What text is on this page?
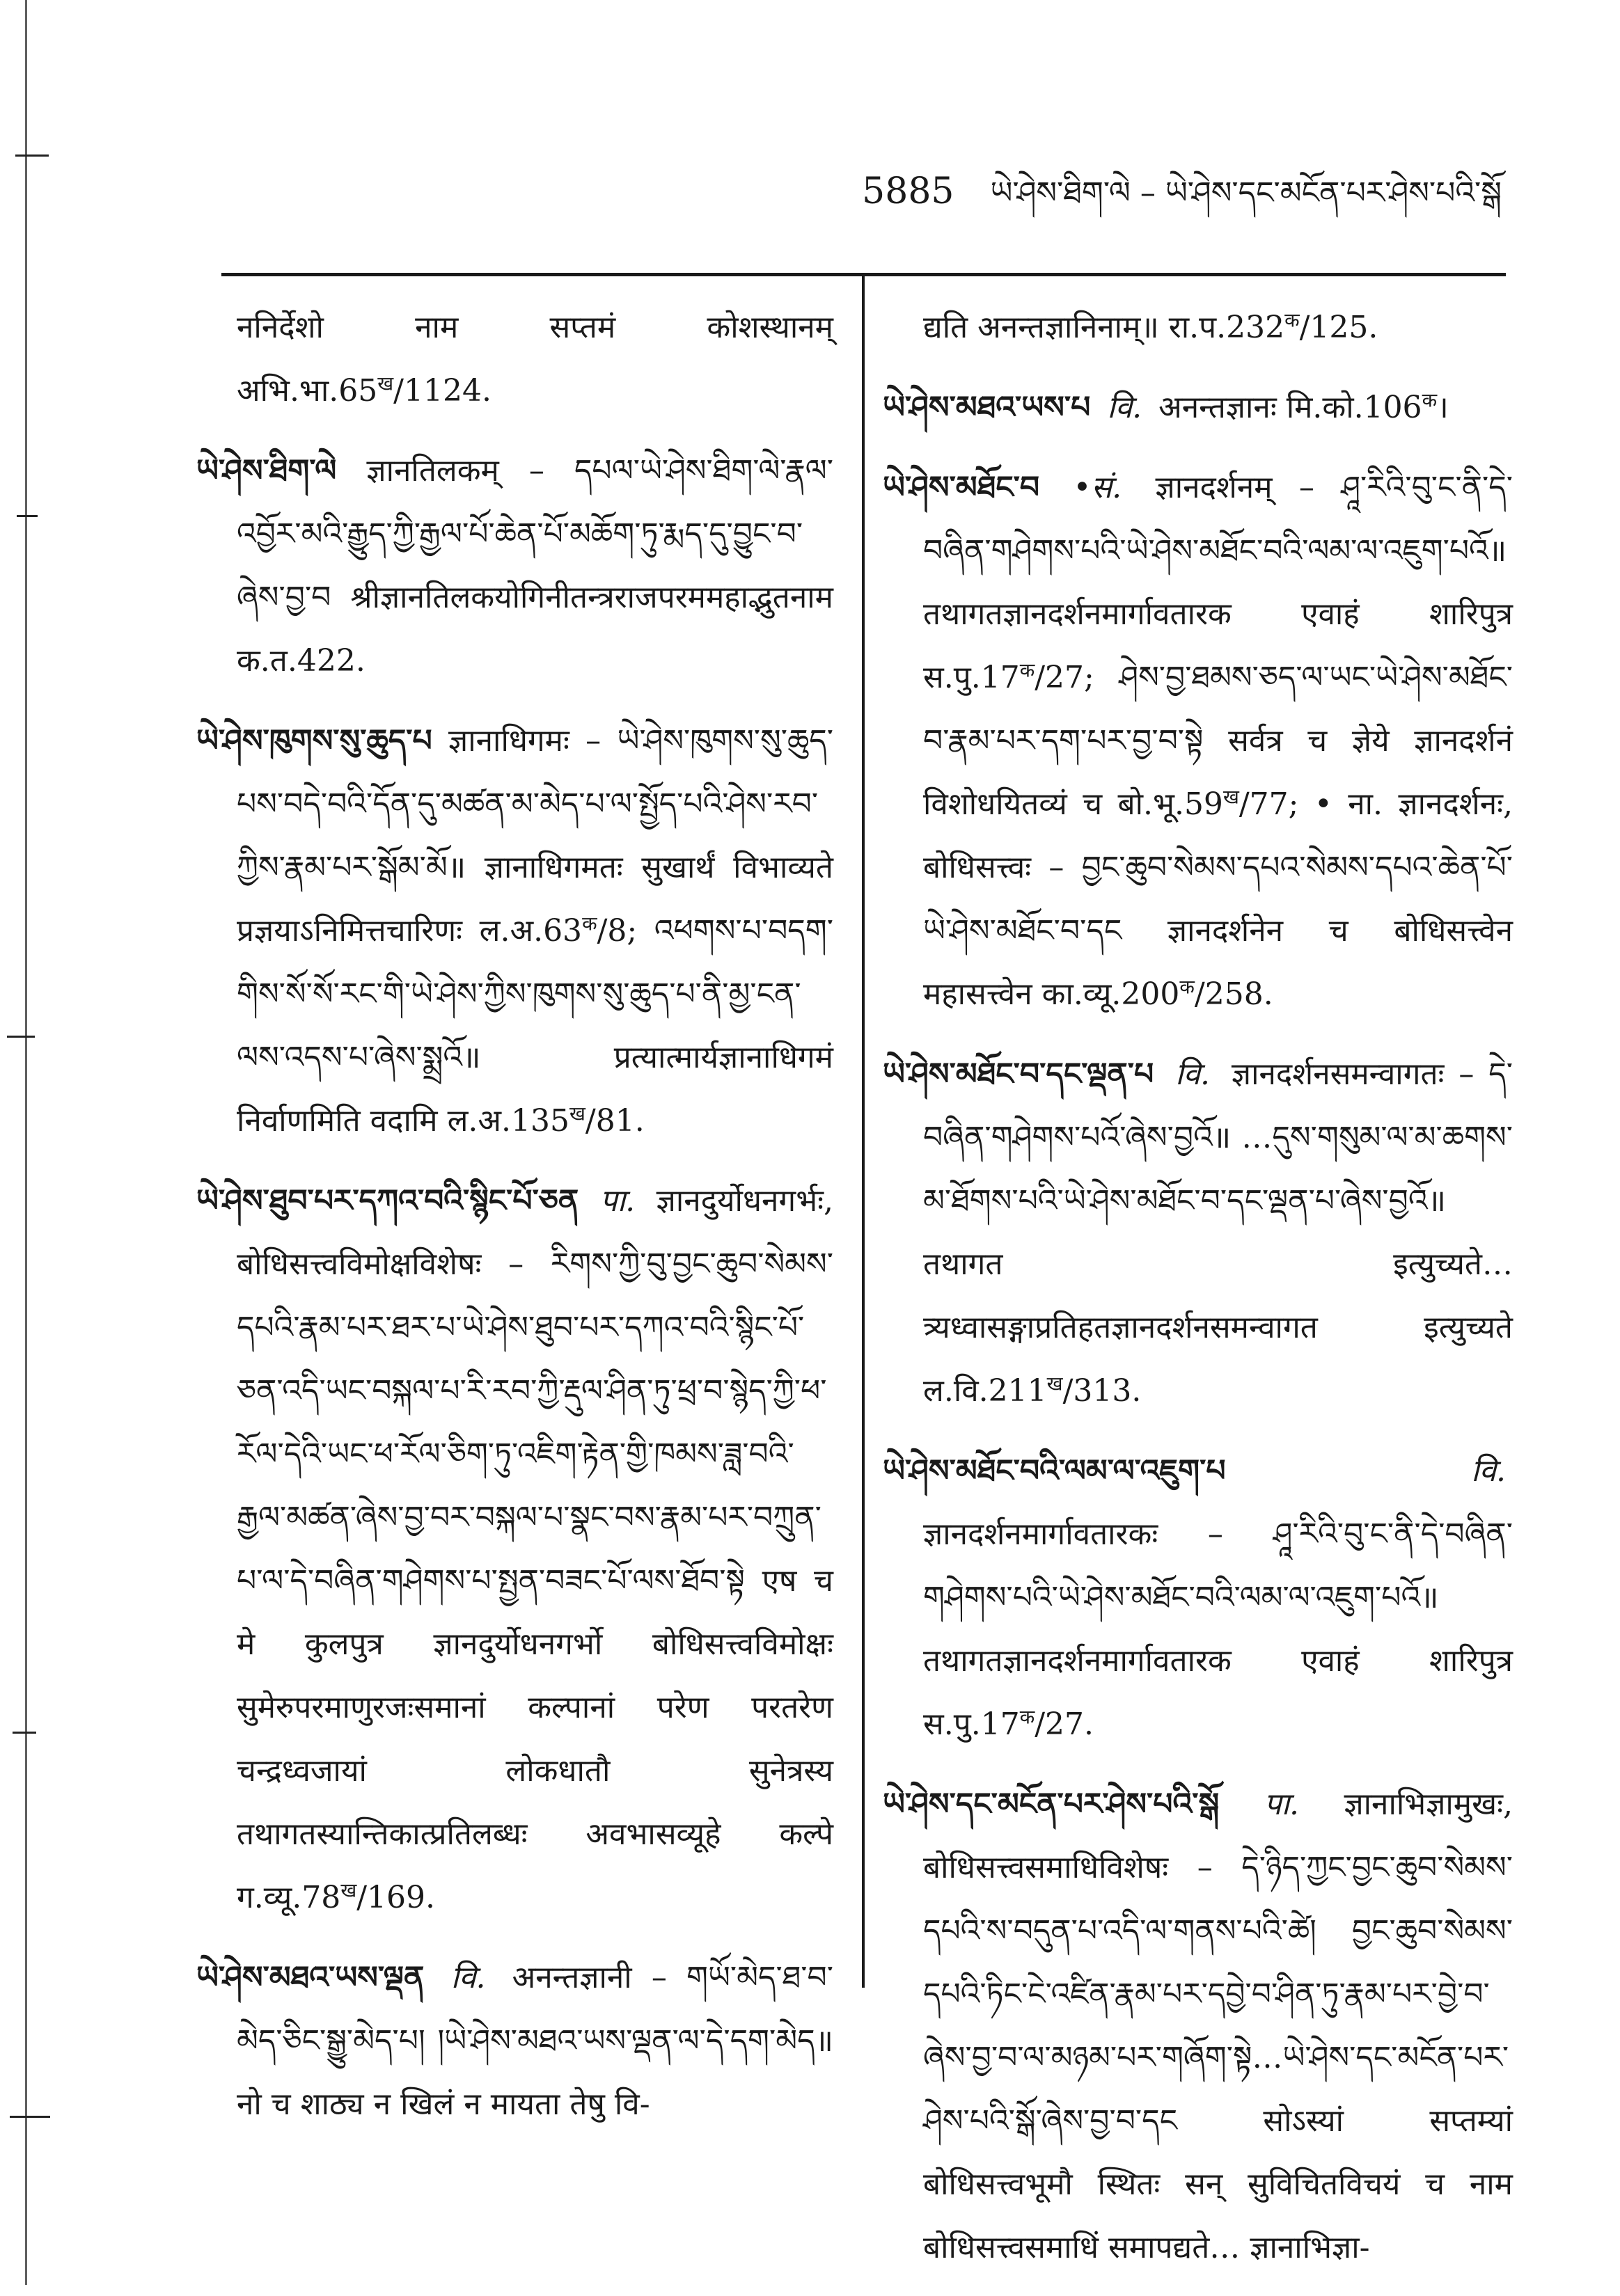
5885 ཡེ་ཤེས་ཐིག་ལེ – ཡེ་ཤེས་དང་མངོན་པར་ཤེས་པའི་སྒོ

ननिर्देशो नाम सप्तमं कोशस्थानम् $अभि.भा.65^ख/1124$.

ཡེ་ཤེས་ཐིག་ལེ ज्ञानतिलकम् – དཔལ་ཡེ་ཤེས་ཐིག་ལེ་རྣལ་འབྱོར་མའི་རྒྱུད་ཀྱི་རྒྱལ་པོ་ཆེན་པོ་མཆོག་ཏུ་རྨད་དུ་བྱུང་བ་ཞེས་བྱ་བ श्रीज्ञानतिलकयोगिनीतन्त्रराजपरममहाद्भुतनाम क.त.422.

ཡེ་ཤེས་ཁུགས་སུ་ཆུད་པ ज्ञानाधिगमः – ཡེ་ཤེས་ཁུགས་སུ་ཆུད་པས་བདེ་བའི་དོན་དུ་མཚན་མ་མེད་པ་ལ་སྤྱོད་པའི་ཤེས་རབ་ཀྱིས་རྣམ་པར་སྒོམ་མོ॥ ज्ञानाधिगमतः सुखार्थं विभाव्यते प्रज्ञयाऽनिमित्तचारिणः $ल.अ.63^क/8$; འཕགས་པ་བདག་གིས་སོ་སོ་རང་གི་ཡེ་ཤེས་ཀྱིས་ཁུགས་སུ་ཆུད་པ་ནི་མྱ་ངན་ལས་འདས་པ་ཞེས་སྨྲའོ॥ प्रत्यात्मार्यज्ञानाधिगमं निर्वाणमिति वदामि $ल.अ.135^ख/81$.

ཡེ་ཤེས་ཐུབ་པར་དཀའ་བའི་སྙིང་པོ་ཅན पा. ज्ञानदुर्योधनगर्भः, बोधिसत्त्वविमोक्षविशेषः – རིགས་ཀྱི་བུ་བྱང་ཆུབ་སེམས་དཔའི་རྣམ་པར་ཐར་པ་ཡེ་ཤེས་ཐུབ་པར་དཀའ་བའི་སྙིང་པོ་ཅན་འདི་ཡང་བསྐལ་པ་རི་རབ་ཀྱི་རྡུལ་ཤིན་ཏུ་ཕྲ་བ་སྙེད་ཀྱི་ཕ་རོལ་དེའི་ཡང་ཕ་རོལ་ཅིག་ཏུ་འཇིག་རྟེན་གྱི་ཁམས་ཟླ་བའི་རྒྱལ་མཚན་ཞེས་བྱ་བར་བསྐལ་པ་སྣང་བས་རྣམ་པར་བཀྲུན་པ་ལ་དེ་བཞིན་གཤེགས་པ་སྤྱན་བཟང་པོ་ལས་ཐོབ་སྟེ एष च मे कुलपुत्र ज्ञानदुर्योधनगर्भो बोधिसत्त्वविमोक्षः सुमेरुपरमाणुरजःसमानां कल्पानां परेण परतरेण चन्द्रध्वजायां लोकधातौ सुनेत्रस्य तथागतस्यान्तिकात्प्रतिलब्धः अवभासव्यूहे कल्पे $ग.व्यू.78^ख/169$.

ཡེ་ཤེས་མཐའ་ཡས་ལྡན वि. अनन्तज्ञानी – གཡོ་མེད་ཐ་བ་མེད་ཅིང་སྒྱུ་མེད་པ། །ཡེ་ཤེས་མཐའ་ཡས་ལྡན་ལ་དེ་དག་མེད॥ नो च शाठ्य न खिलं न मायता तेषु वि-

द्यति अनन्तज्ञानिनाम्॥ $रा.प.232^क/125$.

ཡེ་ཤེས་མཐའ་ཡས་པ वि. अनन्तज्ञानः $मि.को.106^क।$

ཡེ་ཤེས་མཐོང་བ •सं. ज्ञानदर्शनम् – ཤཱ་རིའི་བུ་ང་ནི་དེ་བཞིན་གཤེགས་པའི་ཡེ་ཤེས་མཐོང་བའི་ལམ་ལ་འཇུག་པའོ॥ तथागतज्ञानदर्शनमार्गावतारक एवाहं शारिपुत्र $स.पु.17^क/27$; ཤེས་བྱ་ཐམས་ཅད་ལ་ཡང་ཡེ་ཤེས་མཐོང་བ་རྣམ་པར་དག་པར་བྱ་བ་སྟེ सर्वत्र च ज्ञेये ज्ञानदर्शनं विशोधयितव्यं च $बो.भू.59^ख/77$; • ना. ज्ञानदर्शनः, बोधिसत्त्वः – བྱང་ཆུབ་སེམས་དཔའ་སེམས་དཔའ་ཆེན་པོ་ཡེ་ཤེས་མཐོང་བ་དང ज्ञानदर्शनेन च बोधिसत्त्वेन महासत्त्वेन $का.व्यू.200^क/258$.

ཡེ་ཤེས་མཐོང་བ་དང་ལྡན་པ वि. ज्ञानदर्शनसमन्वागतः – དེ་བཞིན་གཤེགས་པའོ་ཞེས་བྱའོ॥ …དུས་གསུམ་ལ་མ་ཆགས་མ་ཐོགས་པའི་ཡེ་ཤེས་མཐོང་བ་དང་ལྡན་པ་ཞེས་བྱའོ॥ तथागत इत्युच्यते…त्र्यध्वासङ्गाप्रतिहतज्ञानदर्शनसमन्वागत इत्युच्यते $ल.वि.211^ख/313$.

ཡེ་ཤེས་མཐོང་བའི་ལམ་ལ་འཇུག་པ	वि. ज्ञानदर्शनमार्गावतारकः – ཤཱ་རིའི་བུ་ང་ནི་དེ་བཞིན་གཤེགས་པའི་ཡེ་ཤེས་མཐོང་བའི་ལམ་ལ་འཇུག་པའོ॥ तथागतज्ञानदर्शनमार्गावतारक एवाहं शारिपुत्र $स.पु.17^क/27$.

ཡེ་ཤེས་དང་མངོན་པར་ཤེས་པའི་སྒོ पा. ज्ञानाभिज्ञामुखः, बोधिसत्त्वसमाधिविशेषः – དེ་ཉིད་ཀྱང་བྱང་ཆུབ་སེམས་དཔའི་ས་བདུན་པ་འདི་ལ་གནས་པའི་ཚེ། བྱང་ཆུབ་སེམས་དཔའི་ཏིང་ངེ་འཛིན་རྣམ་པར་དབྱེ་བ་ཤིན་ཏུ་རྣམ་པར་བྱེ་བ་ཞེས་བྱ་བ་ལ་མཉམ་པར་གཞོག་སྟེ…ཡེ་ཤེས་དང་མངོན་པར་ཤེས་པའི་སྒོ་ཞེས་བྱ་བ་དང सोऽस्यां सप्तम्यां बोधिसत्त्वभूमौ स्थितः सन् सुविचितविचयं च नाम बोधिसत्त्वसमाधिं समापद्यते… ज्ञानाभिज्ञा-
